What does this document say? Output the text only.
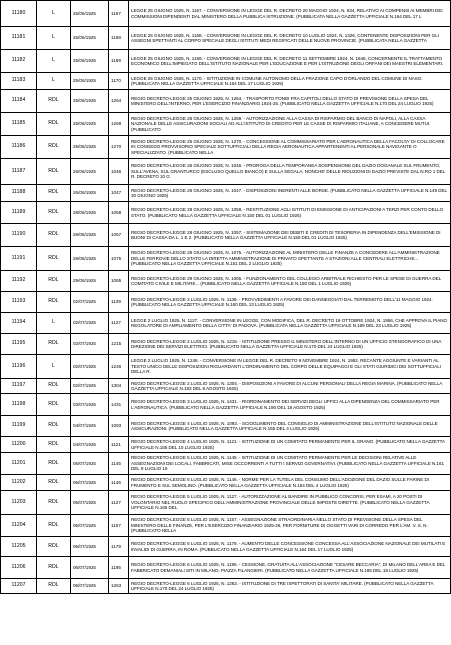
11180	L	25/06/1925	1167	LEGGE 25 GIUGNO 1925, N. 1167. - CONVERSIONE IN LEGGE DEL R. DECRETO 20 MAGGIO 1924, N. 834, RELATIVO AI COMPENSI AI MEMBRI DEI COMMISSIONI DIPENDENTI DAL MINISTERO DELLA PUBBLICA ISTRUZIONE. (PUBBLICATA NELLA GAZZETTA UFFICIALE N.164 DEL 17 L
11181	L	25/06/1925	1168	LEGGE 25 GIUGNO 1925, N. 1168. - CONVERSIONE IN LEGGE DEL R. DECRETO 10 LUGLIO 1924, N. 1326, CONTENENTE DISPOSIZIONI PER GLI ASSEGNI SPETTANTI AL CORPO SPECIALE DEGLI ISTITUTI MEDI REGIFICATI DELLE NUOVE PROVINCIE. (PUBBLICATA NELLA GAZZETTA
11182	L	25/06/1925	1169	LEGGE 25 GIUGNO 1925, N. 1169. - CONVERSIONE IN LEGGE DEL R. DECRETO 11 SETTEMBRE 1924, N. 1646, CONCERNENTE IL TRATTAMENTO ECONOMICO DELL'IMPIEGATO DELL'ISTITUTO NAZIONALE PER L'EDUCAZIONE E PER L'ISTRUZIONE DEGLI ORFANI DEI MAESTRI ELEMENTARI.
11183	L	25/06/1925	1170	LEGGE 25 GIUGNO 1925, N. 1170. - ISTITUZIONE IN COMUNE AUTONOMO DELLA FRAZIONE CAPO D'ORLANDO DEL COMUNE DI NASO. (PUBBLICATA NELLA GAZZETTA UFFICIALE N.164 DEL 17 LUGLIO 1925)
11184	RDL	25/06/1925	1264	REGIO DECRETO-LEGGE 25 GIUGNO 1925, N. 1264. - TRASPORTO FONDI FRA CAPITOLI DELLO STATO DI PREVISIONE DELLA SPESA DEL MINISTERO DELL'INTERNO, PER L'ESERCIZIO FINANZIARIO 1924-25. (PUBBLICATO NELLA GAZZETTA UFFICIALE N.170 DEL 24 LUGLIO 1925)
11185	RDL	25/06/1925	1269	REGIO DECRETO-LEGGE 25 GIUGNO 1925, N. 1269. - AUTORIZZAZIONE ALLA CASSA DI RISPARMIO DEL BANCO DI NAPOLI, ALLA CASSA NAZIONALE DELLE ASSICURAZIONI SOCIALI AD ALL'ISTITUTO DI CREDITO PER LE CASSE DI RISPARMIO ITALIANE, A CONCEDERE MUTUI. (PUBBLICATO
11186	RDL	25/06/1925	1270	REGIO DECRETO-LEGGE 25 GIUGNO 1925, N. 1270. - CONCESSIONE AL COMMISSARIATO PER L'AERONAUTICA DELLA FACOLTA' DI COLLOCARE IN CONGEDO PROVVISORIO SPECIALE SOTTUFFICIALI DELLA REGIA AERONAUTICA APPARTENENTI AL PERSONALE NAVIGANTE O SPECIALIZZATO. (PUBBLICATO NELLA
11187	RDL	26/06/1925	1046	REGIO DECRETO-LEGGE 26 GIUGNO 1925, N. 1046. - PROROGA DELLA TEMPORANEA SOSPENSIONE DEL DAZIO DOGANALE SUL FRUMENTO, SULL'AVENA, SUL GRANTURCO (ESCLUSO QUELLO BIANCO) E SULLA SEGALA, NONCHE' DELLE RIDUZIONI DI DAZIO PREVISTE DAL N.RO 1 DEL R. DECRETO 10 G
11188	RDL	26/06/1925	1047	REGIO DECRETO-LEGGE 26 GIUGNO 1925, N. 1047. - DISPOSIZIONI INERENTI ALLE BORSE. (PUBBLICATO NELLA GAZZETTA UFFICIALE N.149 DEL 30 GIUGNO 1925)
11189	RDL	28/06/1925	1058	REGIO DECRETO-LEGGE 28 GIUGNO 1925, N. 1058. - RESTITUZIONE AGLI ISTITUTI DI EMISSIONE DI ANTICIPAZIONI A TERZI PER CONTO DELLO STATO. (PUBBLICATO NELLA GAZZETTA UFFICIALE N.150 DEL 01 LUGLIO 1925)
11190	RDL	28/06/1925	1057	REGIO DECRETO-LEGGE 28 GIUGNO 1925, N. 1057. - SISTEMAZIONE DEI DEBITI E CREDITI DI TESORERIA IN DIPENDENZA DELL'EMISSIONE DI BUONI DI CASSA DA L. 1 E 2. (PUBBLICATO NELLA GAZZETTA UFFICIALE N.150 DEL 01 LUGLIO 1925)
11191	RDL	28/06/1925	1075	REGIO DECRETO-LEGGE 28 GIUGNO 1925, N. 1075. - AUTORIZZAZIONE AL MINISTERO DELLE FINANZE A CONCEDERE ALL'AMMINISTRAZIONE DELLE FERROVIE DELLO STATO LA DIRETTA AMMINISTRAZIONE DI PRIVATO SPETTANTE A STAZIONI ALLE CENTRALI ELETTRICHE... (PUBBLICATO NELLA GAZZETTA UFFICIALE N.151 DEL 2 LUGLIO 1925)
11192	RDL	29/06/1925	1065	REGIO DECRETO-LEGGE 29 GIUGNO 1925, N. 1065. - FUNZIONAMENTO DEL COLLEGIO ARBITRALE RICHIESTO PER LE SPESE DI GUERRA DEL COMITATO CIVILE E MILITARE... (PUBBLICATO NELLA GAZZETTA UFFICIALE N.150 DEL 1 LUGLIO 1925)
11193	RDL	02/07/1925	1139	REGIO DECRETO-LEGGE 2 LUGLIO 1925, N. 1139. - PROVVEDIMENTI A FAVORE DEI DANNEGGIATI DAL TERREMOTO DELL'11 MAGGIO 1924. (PUBBLICATO NELLA GAZZETTA UFFICIALE N.160 DEL 13 LUGLIO 1925)
11194	L	02/07/1925	1127	LEGGE 2 LUGLIO 1925, N. 1127. - CONVERSIONE IN LEGGE, CON MODIFICA, DEL R. DECRETO 19 OTTOBRE 1924, N. 1956, CHE APPROVA IL PIANO REGOLATORE DI AMPLIAMENTO DELLA CITTA' DI PADOVA. (PUBBLICATA NELLA GAZZETTA UFFICIALE N.169 DEL 23 LUGLIO 1925)
11195	RDL	02/07/1925	1215	REGIO DECRETO-LEGGE 2 LUGLIO 1925, N. 1215. - ISTITUZIONE PRESSO IL MINISTERO DELL'INTERNO DI UN UFFICIO STENOGRAFICO DI UNA DIREZIONE DEI SERVIZI ELETTRICI. (PUBBLICATO NELLA GAZZETTA UFFICIALE N.170 DEL 24 LUGLIO 1925)
11196	L	02/07/1925	1246	LEGGE 2 LUGLIO 1925, N. 1246. - CONVERSIONE IN LEGGE DEL R. DECRETO 9 NOVEMBRE 1924, N. 1992, RECANTE AGGIUNTE E VARIANTI AL TESTO UNICO DELLE DISPOSIZIONI RIGUARDANTI L'ORDINAMENTO DEL CORPO DELLE EQUIPAGGI E GLI STATI GIURIDICI DEI SOTTUFFICIALI DELLA R.
11197	RDL	02/07/1925	1304	REGIO DECRETO-LEGGE 2 LUGLIO 1925, N. 1304. - DISPOSIZIONI A FAVORE DI ALCUNI PERSONALI DELLA REGIA MARINA. (PUBBLICATO NELLA GAZZETTA UFFICIALE N.183 DEL 8 AGOSTO 1925)
11198	RDL	03/07/1925	1431	REGIO DECRETO-LEGGE 3 LUGLIO 1925, N. 1431. - RIORDINAMENTO DEI SERVIZI DEGLI UFFICI ALLA DIPENDENZA DEL COMMISSARIATO PER L'AERONAUTICA. (PUBBLICATO NELLA GAZZETTA UFFICIALE N.190 DEL 18 AGOSTO 1925)
11199	RDL	04/07/1925	1093	REGIO DECRETO-LEGGE 4 LUGLIO 1925, N. 1093. - SCIOGLIMENTO DEL CONSIGLIO DI AMMINISTRAZIONE DELL'ISTITUTO NAZIONALE DELLE ASSICURAZIONI. (PUBBLICATO NELLA GAZZETTA UFFICIALE N.155 DEL 4 LUGLIO 1925)
11200	RDL	04/07/1925	1121	REGIO DECRETO-LEGGE 4 LUGLIO 1925, N. 1121. - ISTITUZIONE DI UN COMITATO PERMANENTE PER IL GRANO. (PUBBLICATO NELLA GAZZETTA UFFICIALE N.155 DEL 10 LUGLIO 1925)
11201	RDL	05/07/1925	1145	REGIO DECRETO-LEGGE 5 LUGLIO 1925, N. 1145. - ISTITUZIONE DI UN COMITATO PERMANENTE PER LE DECISIONI RELATIVE ALLE ASSEGNAZIONI DEI LOCALI, FABBRICATI, MISE OCCORRENTI A TUTTI I SERVIZI GOVERNATIVI. (PUBBLICATO NELLA GAZZETTA UFFICIALE N.161 DEL 9 LUGLIO 19
11202	RDL	05/07/1925	1146	REGIO DECRETO-LEGGE 5 LUGLIO 1925, N. 1146. - NORME PER LA TUTELA DEL CONSUMO DELL'ADOZIONE DEL DAZIO SULLE FARINE DI FRUMENTO E SUL SEMOLINO. (PUBBLICATO NELLA GAZZETTA UFFICIALE N.154 DEL 4 LUGLIO 1925)
11203	RDL	05/07/1925	1127	REGIO DECRETO-LEGGE 5 LUGLIO 1925, N. 1127. - AUTORIZZAZIONE AL BANDIRE IN PUBBLICO CONCORSI, PER ESAMI, A 20 POSTI DI VOLONTARIO NEL RUOLO SPECIFICO DELL'AMMINISTRAZIONE PROVINCIALE DELLE IMPOSTE DIRETTE. (PUBBLICATO NELLA GAZZETTA UFFICIALE N.165 DEL
11204	RDL	05/07/1925	1157	REGIO DECRETO-LEGGE 5 LUGLIO 1925, N. 1157. - ASSEGNAZIONE STRAORDINARIA NELLO STATO DI PREVISIONE DELLA SPESA DEL MINISTERO DELLE FINANZE, PER L'ESERCIZIO FINANZIARIO 1925-26, PER FORNITURE DI OGGETTI VARI DI CORREDO PER L'AM. V. S. N. (PUBBLICATO NELLA
11205	RDL	05/07/1925	1179	REGIO DECRETO-LEGGE 5 LUGLIO 1925, N. 1179. - AUMENTO DELLE CONCESSIONE CONCESSA ALL'ASSOCIAZIONE NAZIONALE DEI MUTILATI E INVALIDI DI GUERRA, IN ROMA. (PUBBLICATO NELLA GAZZETTA UFFICIALE N.164 DEL 17 LUGLIO 1925)
11206	RDL	06/07/1925	1195	REGIO DECRETO-LEGGE 6 LUGLIO 1925, N. 1195. - CESSIONE, GRATUITA ALL'ASSOCIAZIONE "CESARE BECCARIA", DI MILANO DELL'AREA E DEL FABBRICATO DEMANIALI SITI IN MILANO, PIAZZA FILANGIERI. (PUBBLICATO NELLA GAZZETTA UFFICIALE N.165 DEL 18 LUGLIO 1925)
11207	RDL	06/07/1925	1263	REGIO DECRETO-LEGGE 6 LUGLIO 1925, N. 1263. - ISTITUZIONE DI TRE ISPETTORATI DI SANITA' MILITARE. (PUBBLICATO NELLA GAZZETTA UFFICIALE N.170 DEL 24 LUGLIO 1925)
